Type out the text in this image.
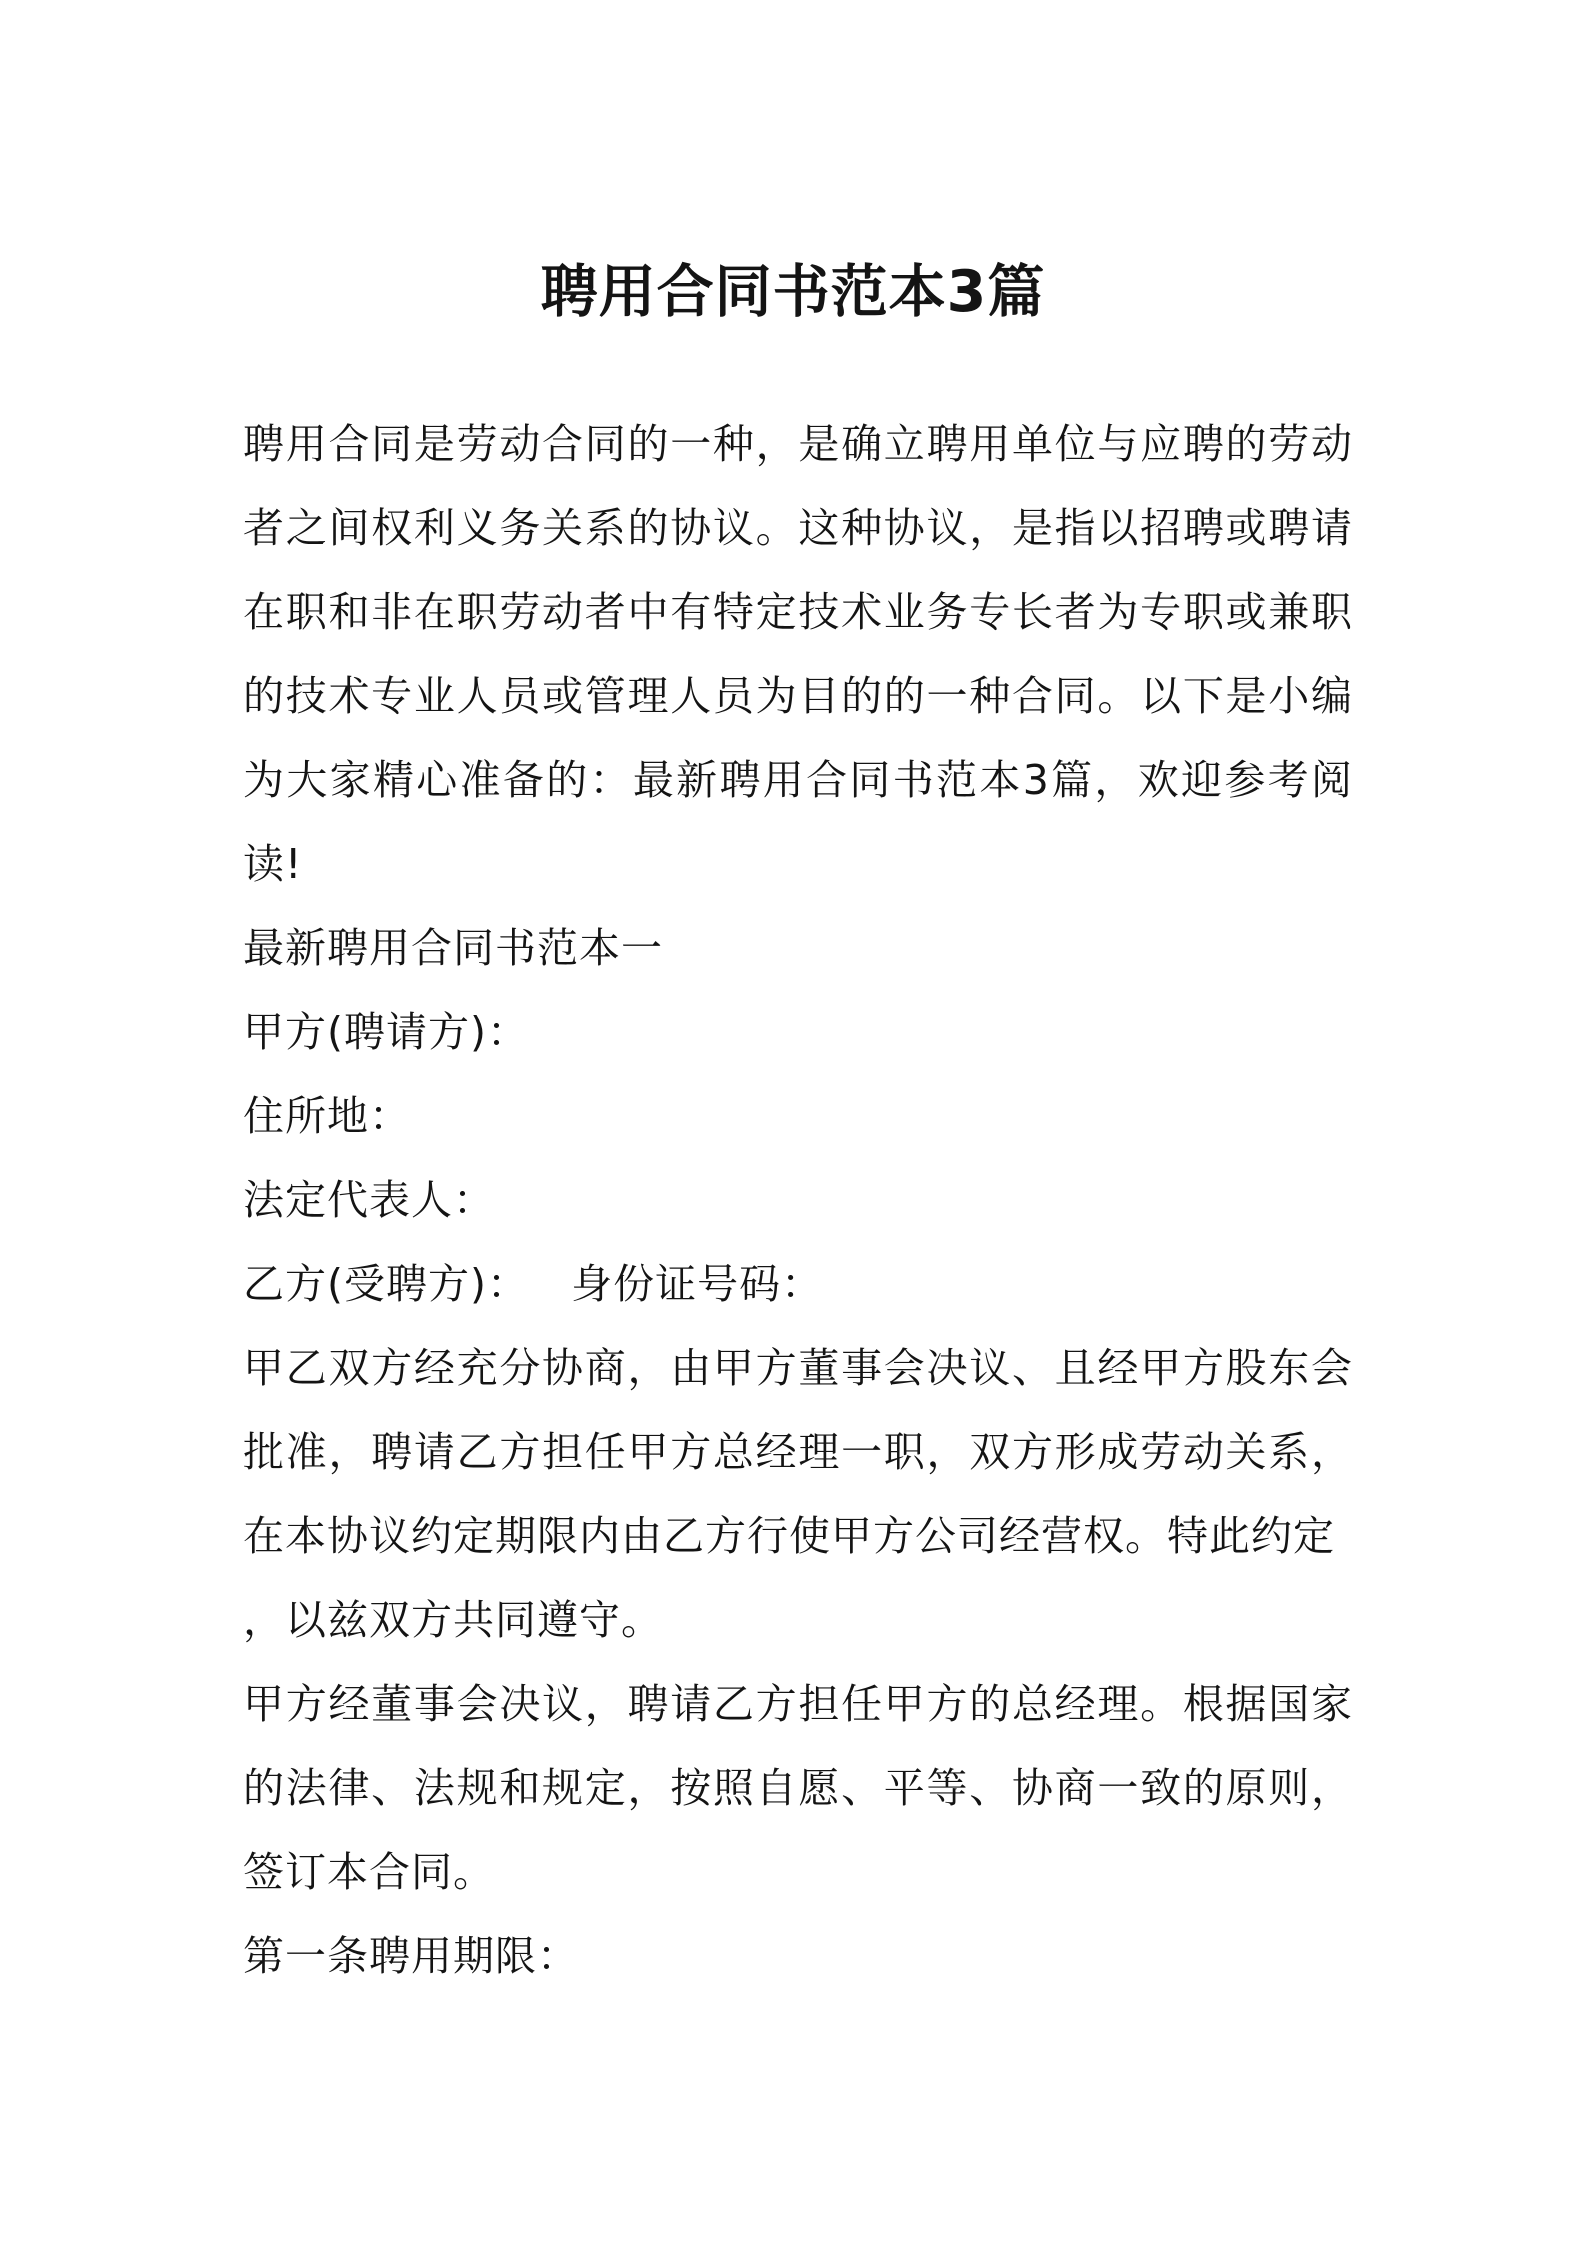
聘用合同书范本3篇

聘用合同是劳动合同的一种，是确立聘用单位与应聘的劳动者之间权利义务关系的协议。这种协议，是指以招聘或聘请在职和非在职劳动者中有特定技术业务专长者为专职或兼职的技术专业人员或管理人员为目的的一种合同。以下是小编为大家精心准备的：最新聘用合同书范本3篇，欢迎参考阅读!

最新聘用合同书范本一

甲方(聘请方)：

住所地：

法定代表人：

乙方(受聘方)：   身份证号码：

甲乙双方经充分协商，由甲方董事会决议、且经甲方股东会批准，聘请乙方担任甲方总经理一职，双方形成劳动关系，在本协议约定期限内由乙方行使甲方公司经营权。特此约定

，以兹双方共同遵守。

甲方经董事会决议，聘请乙方担任甲方的总经理。根据国家的法律、法规和规定，按照自愿、平等、协商一致的原则，签订本合同。

第一条聘用期限：
